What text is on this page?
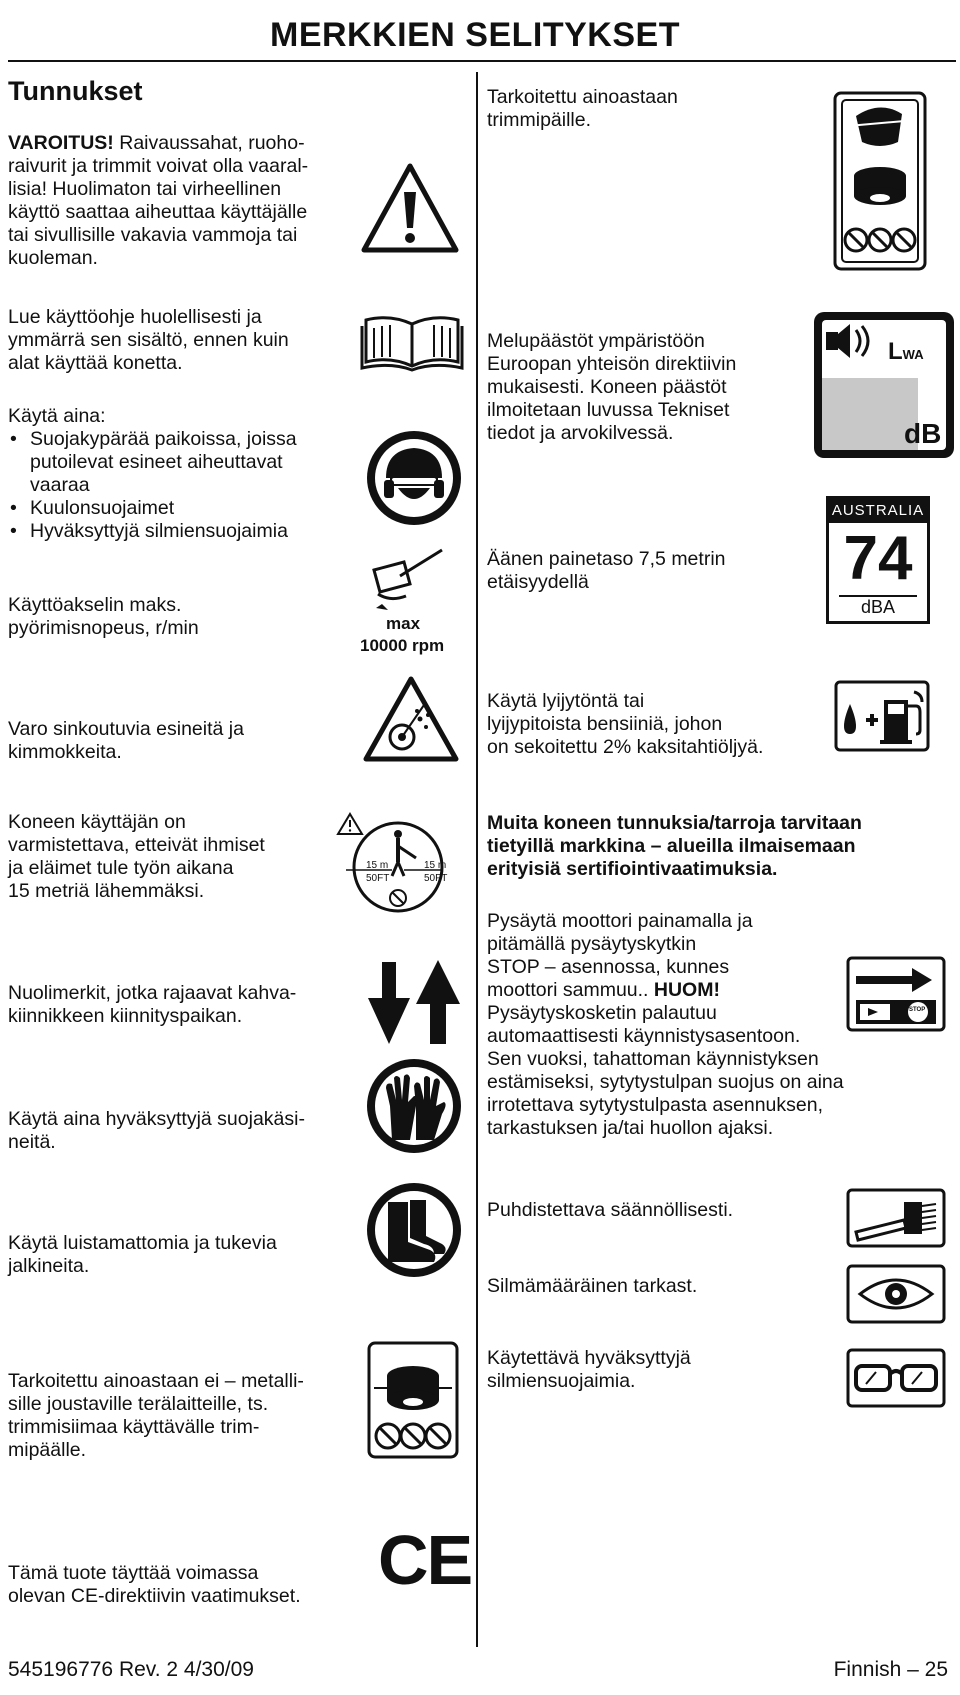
MERKKIEN SELITYKSET
Tunnukset
VAROITUS! Raivaussahat, ruoho-
raivurit ja trimmit voivat olla vaaral-
lisia! Huolimaton tai virheellinen
käyttö saattaa aiheuttaa käyttäjälle
tai sivullisille vakavia vammoja tai
kuoleman.
Lue käyttöohje huolellisesti ja
ymmärrä sen sisältö, ennen kuin
alat käyttää konetta.
Käytä aina:
• Suojakypärää paikoissa, joissa
putoilevat esineet aiheuttavat
vaaraa
• Kuulonsuojaimet
• Hyväksyttyjä silmiensuojaimia
Käyttöakselin maks.
pyörimisnopeus, r/min	max
10000 rpm
Varo sinkoutuvia esineitä ja
kimmokkeita.
Koneen käyttäjän on
varmistettava, etteivät ihmiset
ja eläimet tule työn aikana
15 metriä lähemmäksi.
15 m
50FT
15 m
50FT
Nuolimerkit, jotka rajaavat kahva-
kiinnikkeen kiinnityspaikan.
Käytä aina hyväksyttyjä suojakäsi-
neitä.
Käytä luistamattomia ja tukevia
jalkineita.
Tarkoitettu ainoastaan ei – metalli-
sille joustaville terälaitteille, ts.
trimmisiimaa käyttävälle trim-
mipäälle.
Tämä tuote täyttää voimassa
olevan CE-direktiivin vaatimukset. CE
Tarkoitettu ainoastaan
trimmipäille.
Melupäästöt ympäristöön
Euroopan yhteisön direktiivin
mukaisesti. Koneen päästöt
ilmoitetaan luvussa Tekniset
tiedot ja arvokilvessä.
LWA
dB
Äänen painetaso 7,5 metrin
etäisyydellä
AUSTRALIA
74
dBA
Käytä lyijytöntä tai
lyijypitoista bensiiniä, johon
on sekoitettu 2% kaksitahtiöljyä.
Muita koneen tunnuksia/tarroja tarvitaan
tietyillä markkina – alueilla ilmaisemaan
erityisiä sertifiointivaatimuksia.
Pysäytä moottori painamalla ja
pitämällä pysäytyskytkin
STOP – asennossa, kunnes
moottori sammuu.. HUOM!
Pysäytyskosketin palautuu
automaattisesti käynnistysasentoon.
Sen vuoksi, tahattoman käynnistyksen
estämiseksi, sytytystulpan suojus on aina
irrotettava sytytystulpasta asennuksen,
tarkastuksen ja/tai huollon ajaksi.
STOP
Puhdistettava säännöllisesti.
Silmämääräinen tarkast.
Käytettävä hyväksyttyjä
silmiensuojaimia.
545196776 Rev. 2 4/30/09	Finnish – 25
